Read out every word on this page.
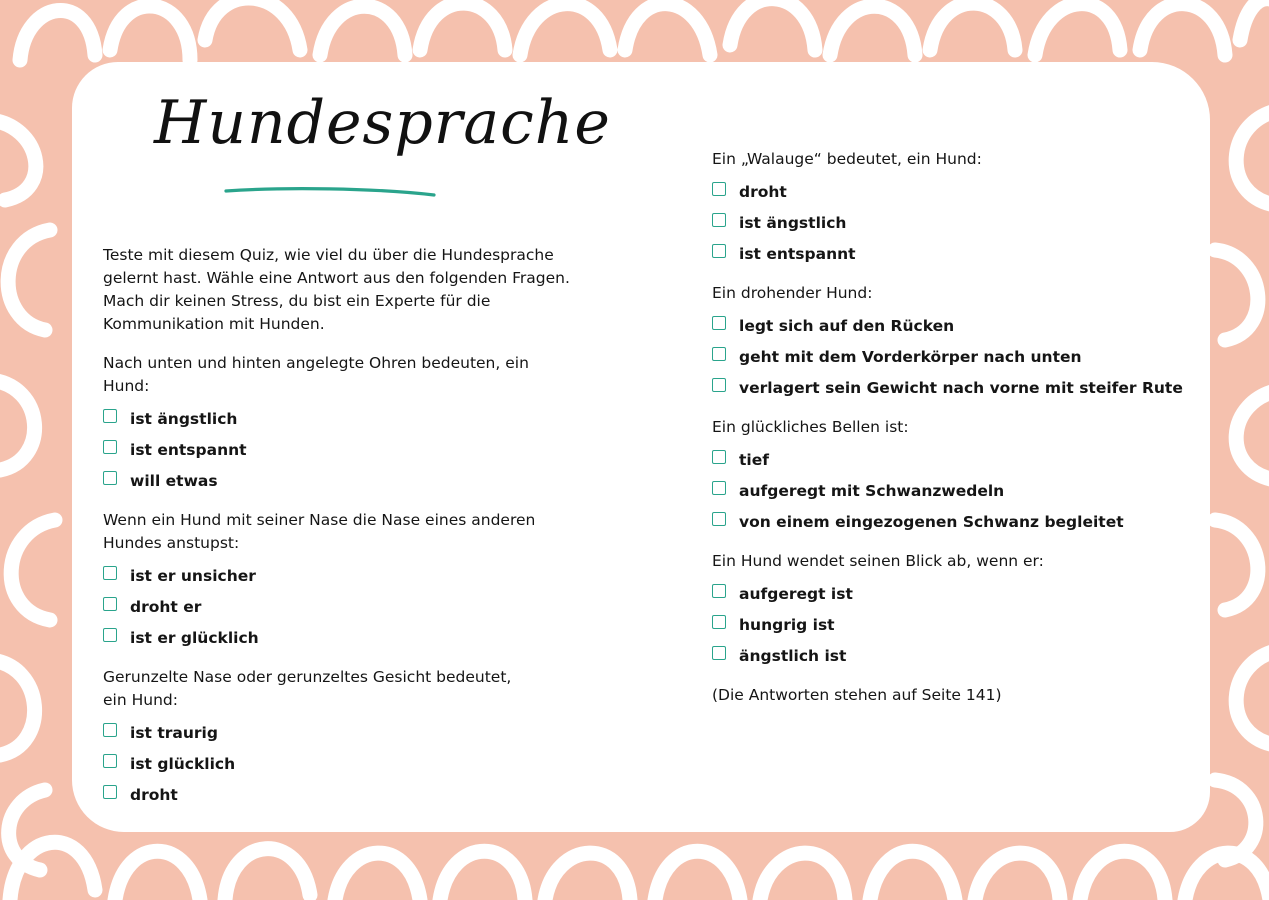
Hundesprache

Teste mit diesem Quiz, wie viel du über die Hundesprache
gelernt hast. Wähle eine Antwort aus den folgenden Fragen.
Mach dir keinen Stress, du bist ein Experte für die
Kommunikation mit Hunden.

Nach unten und hinten angelegte Ohren bedeuten, ein Hund:

ist ängstlich
ist entspannt
will etwas

Wenn ein Hund mit seiner Nase die Nase eines anderen
Hundes anstupst:

ist er unsicher
droht er
ist er glücklich

Gerunzelte Nase oder gerunzeltes Gesicht bedeutet,
ein Hund:

ist traurig
ist glücklich
droht

Ein „Walauge“ bedeutet, ein Hund:

droht
ist ängstlich
ist entspannt

Ein drohender Hund:

legt sich auf den Rücken
geht mit dem Vorderkörper nach unten
verlagert sein Gewicht nach vorne mit steifer Rute

Ein glückliches Bellen ist:

tief
aufgeregt mit Schwanzwedeln
von einem eingezogenen Schwanz begleitet

Ein Hund wendet seinen Blick ab, wenn er:

aufgeregt ist
hungrig ist
ängstlich ist

(Die Antworten stehen auf Seite 141)
